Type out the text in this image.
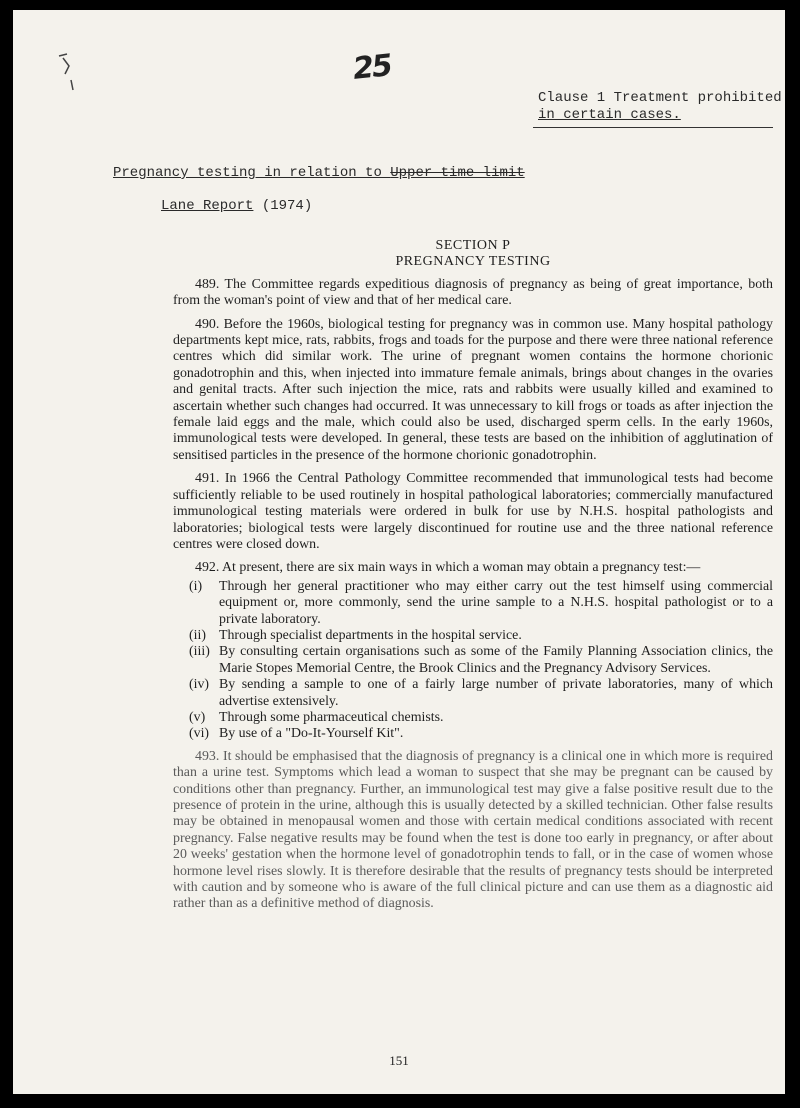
25
Clause 1 Treatment prohibited
in certain cases.
Pregnancy testing in relation to Upper time limit
Lane Report (1974)

SECTION P

PREGNANCY TESTING

489. The Committee regards expeditious diagnosis of pregnancy as being of great importance, both from the woman's point of view and that of her medical care.

490. Before the 1960s, biological testing for pregnancy was in common use. Many hospital pathology departments kept mice, rats, rabbits, frogs and toads for the purpose and there were three national reference centres which did similar work. The urine of pregnant women contains the hormone chorionic gonadotrophin and this, when injected into immature female animals, brings about changes in the ovaries and genital tracts. After such injection the mice, rats and rabbits were usually killed and examined to ascertain whether such changes had occurred. It was unnecessary to kill frogs or toads as after injection the female laid eggs and the male, which could also be used, discharged sperm cells. In the early 1960s, immunological tests were developed. In general, these tests are based on the inhibition of agglutination of sensitised particles in the presence of the hormone chorionic gonadotrophin.

491. In 1966 the Central Pathology Committee recommended that immunological tests had become sufficiently reliable to be used routinely in hospital pathological laboratories; commercially manufactured immunological testing materials were ordered in bulk for use by N.H.S. hospital pathologists and laboratories; biological tests were largely discontinued for routine use and the three national reference centres were closed down.

492. At present, there are six main ways in which a woman may obtain a pregnancy test:—

(i) Through her general practitioner who may either carry out the test himself using commercial equipment or, more commonly, send the urine sample to a N.H.S. hospital pathologist or to a private laboratory.
(ii) Through specialist departments in the hospital service.
(iii) By consulting certain organisations such as some of the Family Planning Association clinics, the Marie Stopes Memorial Centre, the Brook Clinics and the Pregnancy Advisory Services.
(iv) By sending a sample to one of a fairly large number of private laboratories, many of which advertise extensively.
(v) Through some pharmaceutical chemists.
(vi) By use of a "Do-It-Yourself Kit".

493. It should be emphasised that the diagnosis of pregnancy is a clinical one in which more is required than a urine test. Symptoms which lead a woman to suspect that she may be pregnant can be caused by conditions other than pregnancy. Further, an immunological test may give a false positive result due to the presence of protein in the urine, although this is usually detected by a skilled technician. Other false results may be obtained in menopausal women and those with certain medical conditions associated with recent pregnancy. False negative results may be found when the test is done too early in pregnancy, or after about 20 weeks' gestation when the hormone level of gonadotrophin tends to fall, or in the case of women whose hormone level rises slowly. It is therefore desirable that the results of pregnancy tests should be interpreted with caution and by someone who is aware of the full clinical picture and can use them as a diagnostic aid rather than as a definitive method of diagnosis.

151
